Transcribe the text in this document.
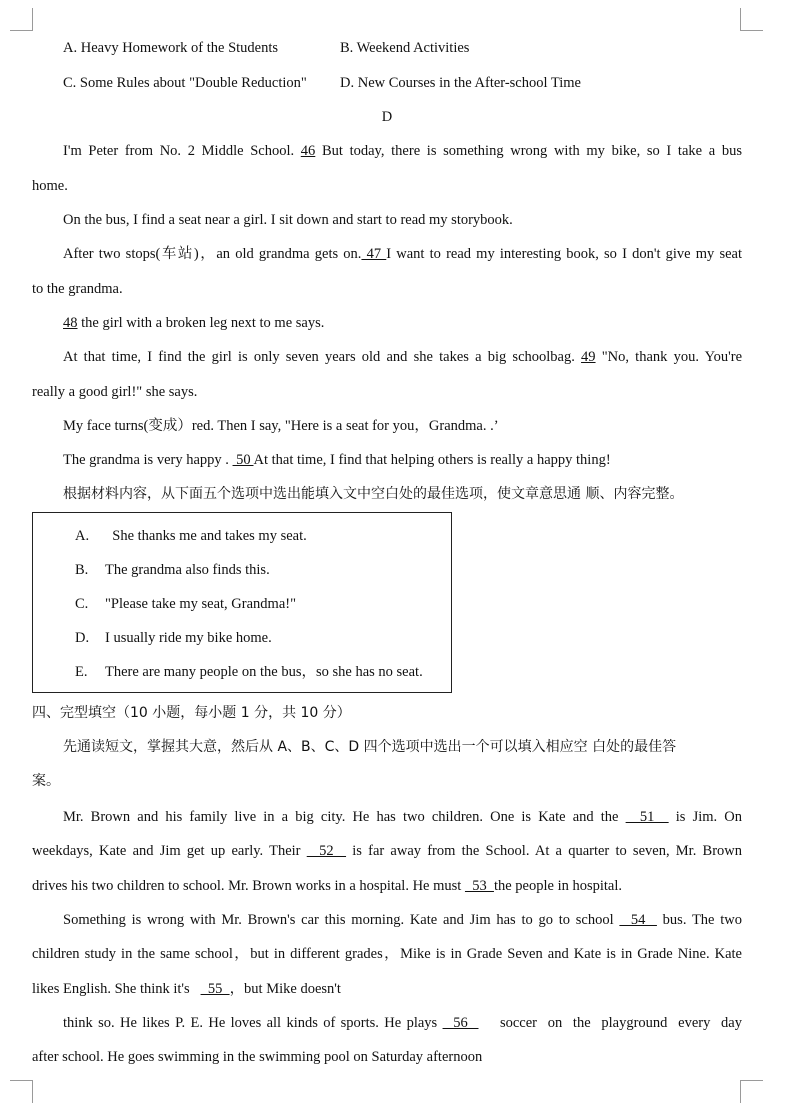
A. Heavy Homework of the Students	B. Weekend Activities
C. Some Rules about "Double Reduction" D. New Courses in the After-school Time
D
I'm Peter from No. 2 Middle School. 46 But today, there is something wrong with my bike, so I take a bus
home.
On the bus, I find a seat near a girl. I sit down and start to read my storybook.
After two stops(车站)，an old grandma gets on. 47 I want to read my interesting book, so I don't give my seat
to the grandma.
48 the girl with a broken leg next to me says.
At that time, I find the girl is only seven years old and she takes a big schoolbag. 49 "No, thank you. You're
really a good girl!" she says.
My face turns(变成）red. Then I say, "Here is a seat for you，Grandma. .’
The grandma is very happy .  50 At that time, I find that helping others is really a happy thing!
根据材料内容，从下面五个选项中选出能填入文中空白处的最佳选项，使文章意思通 顺、内容完整。
A.  She thanks me and takes my seat.
B. The grandma also finds this.
C. "Please take my seat, Grandma!"
D. I usually ride my bike home.
E. There are many people on the bus，so she has no seat.
四、完型填空（10 小题，每小题 1 分，共 10 分）
先通读短文，掌握其大意，然后从 A、B、C、D 四个选项中选出一个可以填入相应空 白处的最佳答
案。
Mr. Brown and his family live in a big city. He has two children. One is Kate and the   51   is Jim. On
weekdays, Kate and Jim get up early. Their   52   is far away from the School. At a quarter to seven, Mr. Brown
drives his two children to school. Mr. Brown works in a hospital. He must   53  the people in hospital.
Something is wrong with Mr. Brown's car this morning. Kate and Jim has to go to school   54   bus. The two
children study in the same school，but in different grades，Mike is in Grade Seven and Kate is in Grade Nine. Kate
likes English. She think it's     55  ，but Mike doesn't
think so. He likes P. E. He loves all kinds of sports. He plays   56      soccer  on  the  playground  every  day
after school. He goes swimming in the swimming pool on Saturday afternoon
